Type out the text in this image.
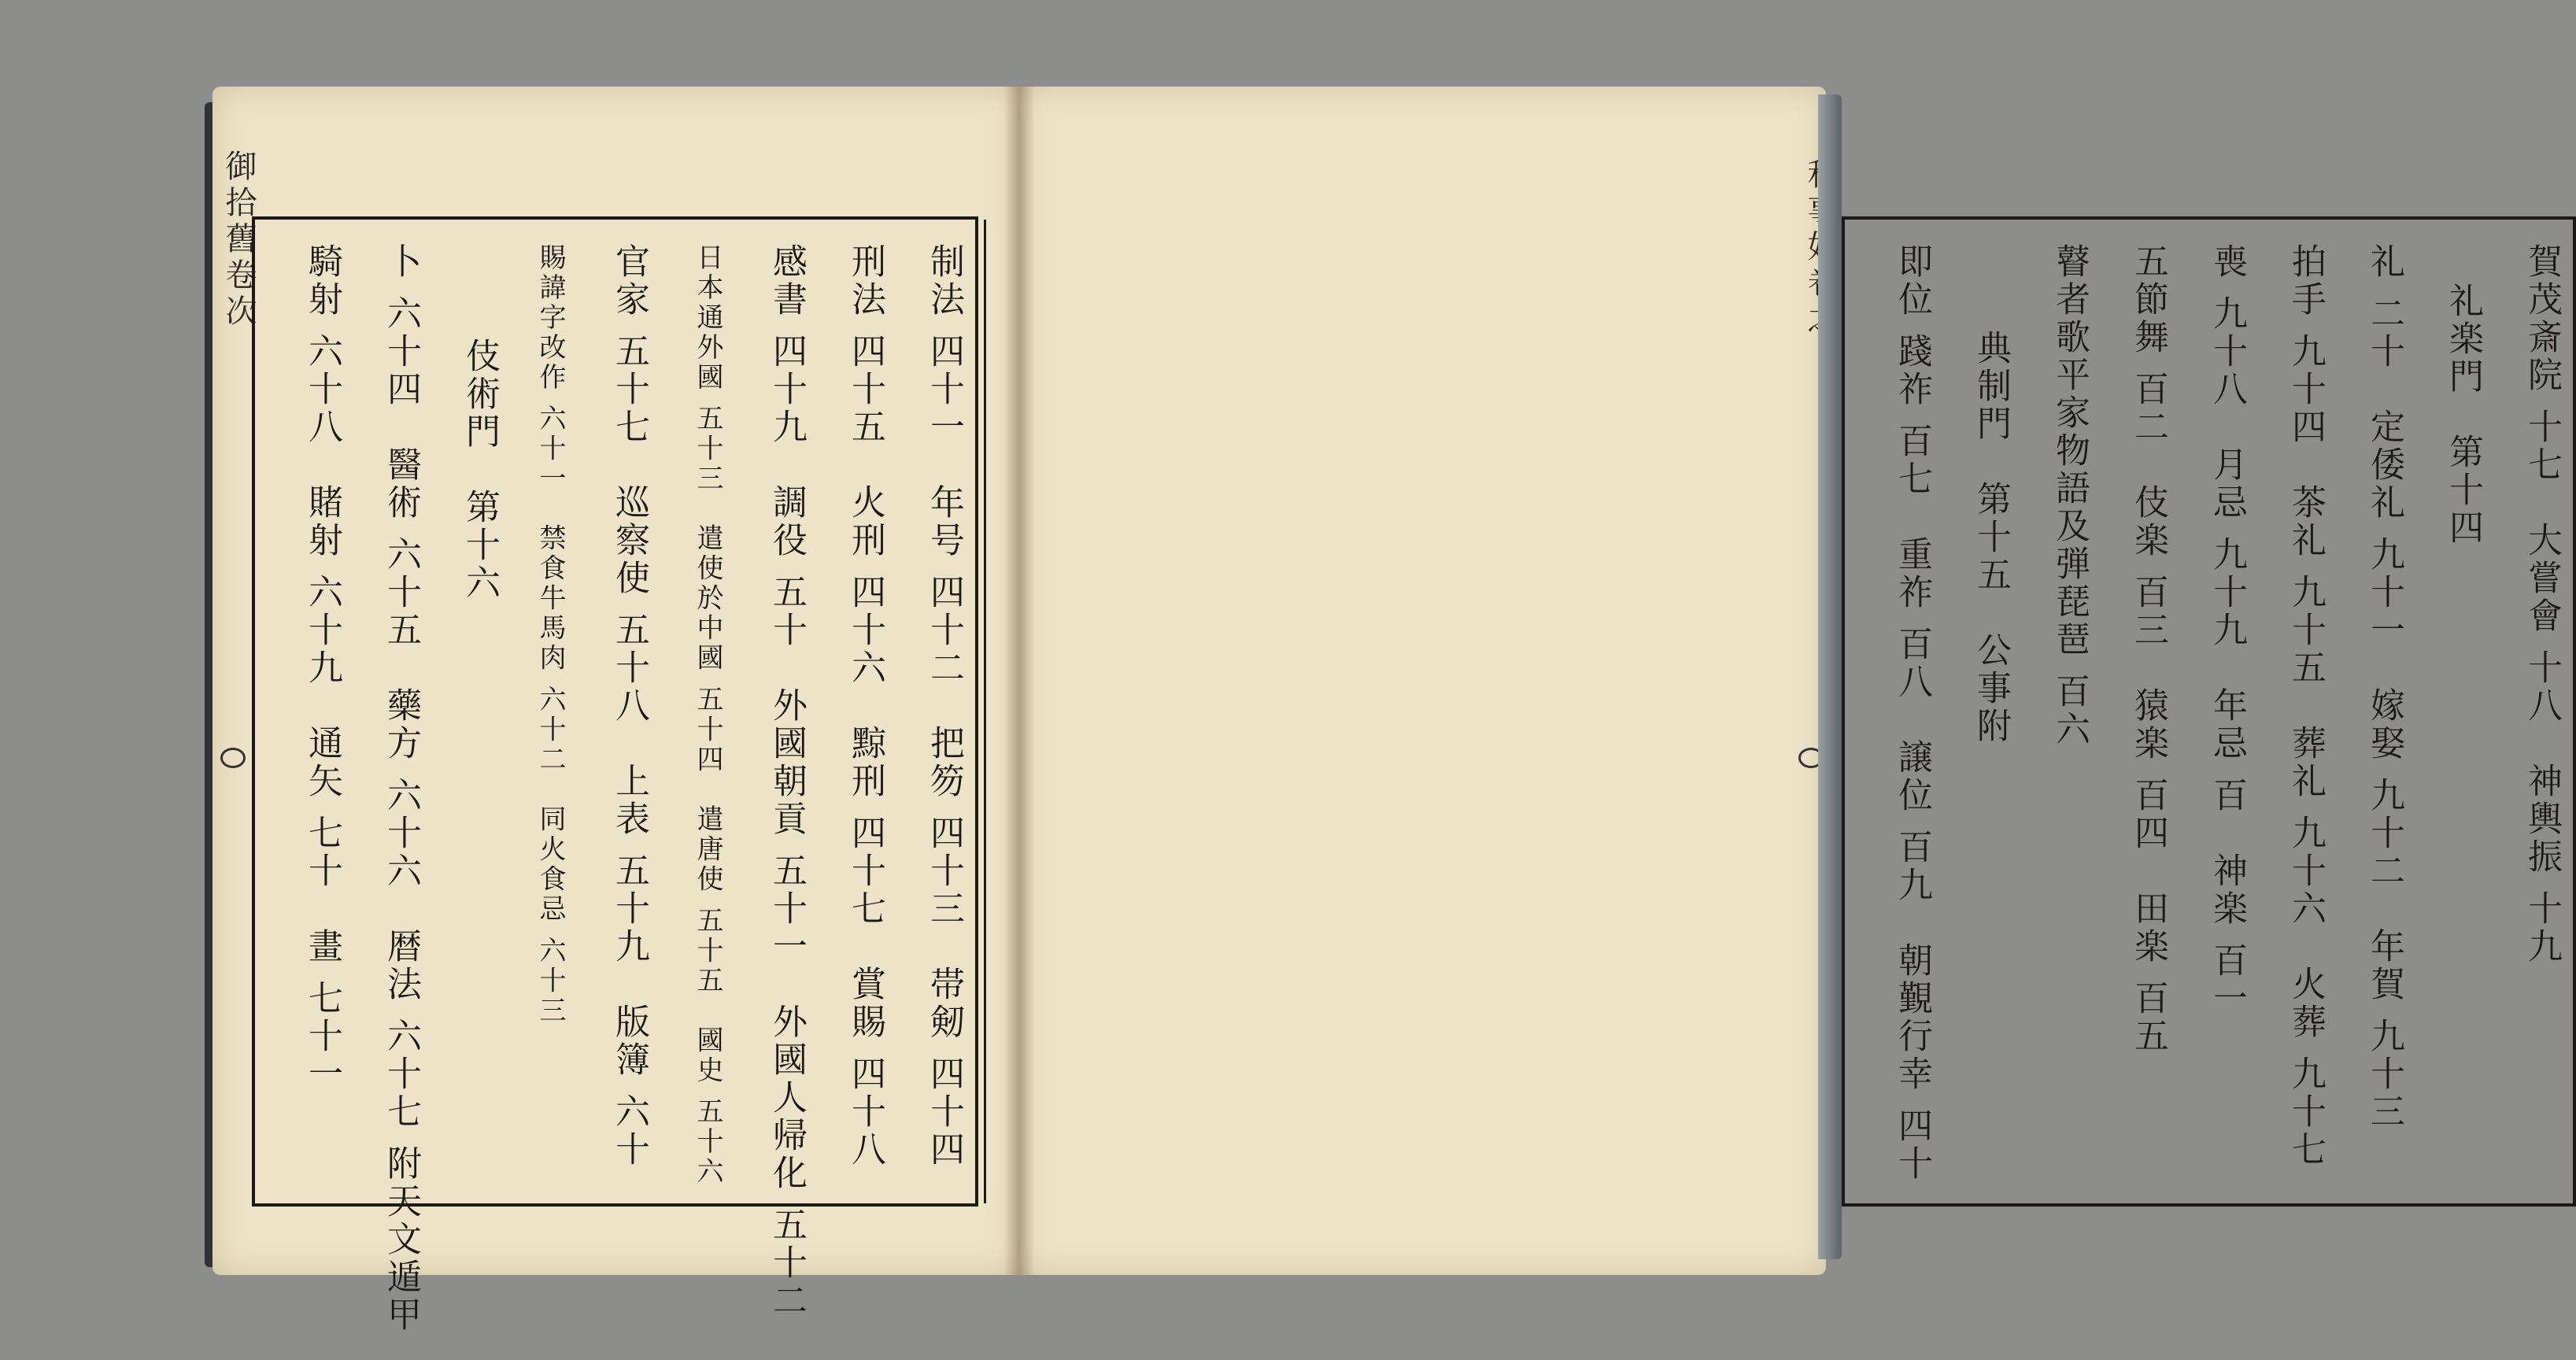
御拾舊卷次
制法 四十一　年号 四十二　把笏 四十三　帯剱 四十四
刑法 四十五　火刑 四十六　黥刑 四十七　賞賜 四十八
感書 四十九　調役 五十　外國朝貢 五十一　外國人帰化 五十二
日本通外國 五十三　遣使於中國 五十四　遣唐使 五十五　國史 五十六
官家 五十七　巡察使 五十八　上表 五十九　版簿 六十
賜諱字改作 六十一　禁食牛馬肉 六十二　同火食忌 六十三
伎術門　第十六
卜 六十四　醫術 六十五　藥方 六十六　暦法 六十七 附天文遁甲
騎射 六十八　賭射 六十九　通矢 七十　畫 七十一	賀茂斎院 十七　大嘗會 十八　神輿振 十九
礼楽門　第十四
礼 二十　定倭礼 九十一　嫁娶 九十二　年賀 九十三
拍手 九十四　茶礼 九十五　葬礼 九十六　火葬 九十七
喪 九十八　月忌 九十九　年忌 百　神楽 百一
五節舞 百二　伎楽 百三　猿楽 百四　田楽 百五
瞽者歌平家物語及弾琵琶 百六
典制門　第十五　公事附
即位 踐祚 百七　重祚 百八　譲位 百九　朝覲行幸 四十
